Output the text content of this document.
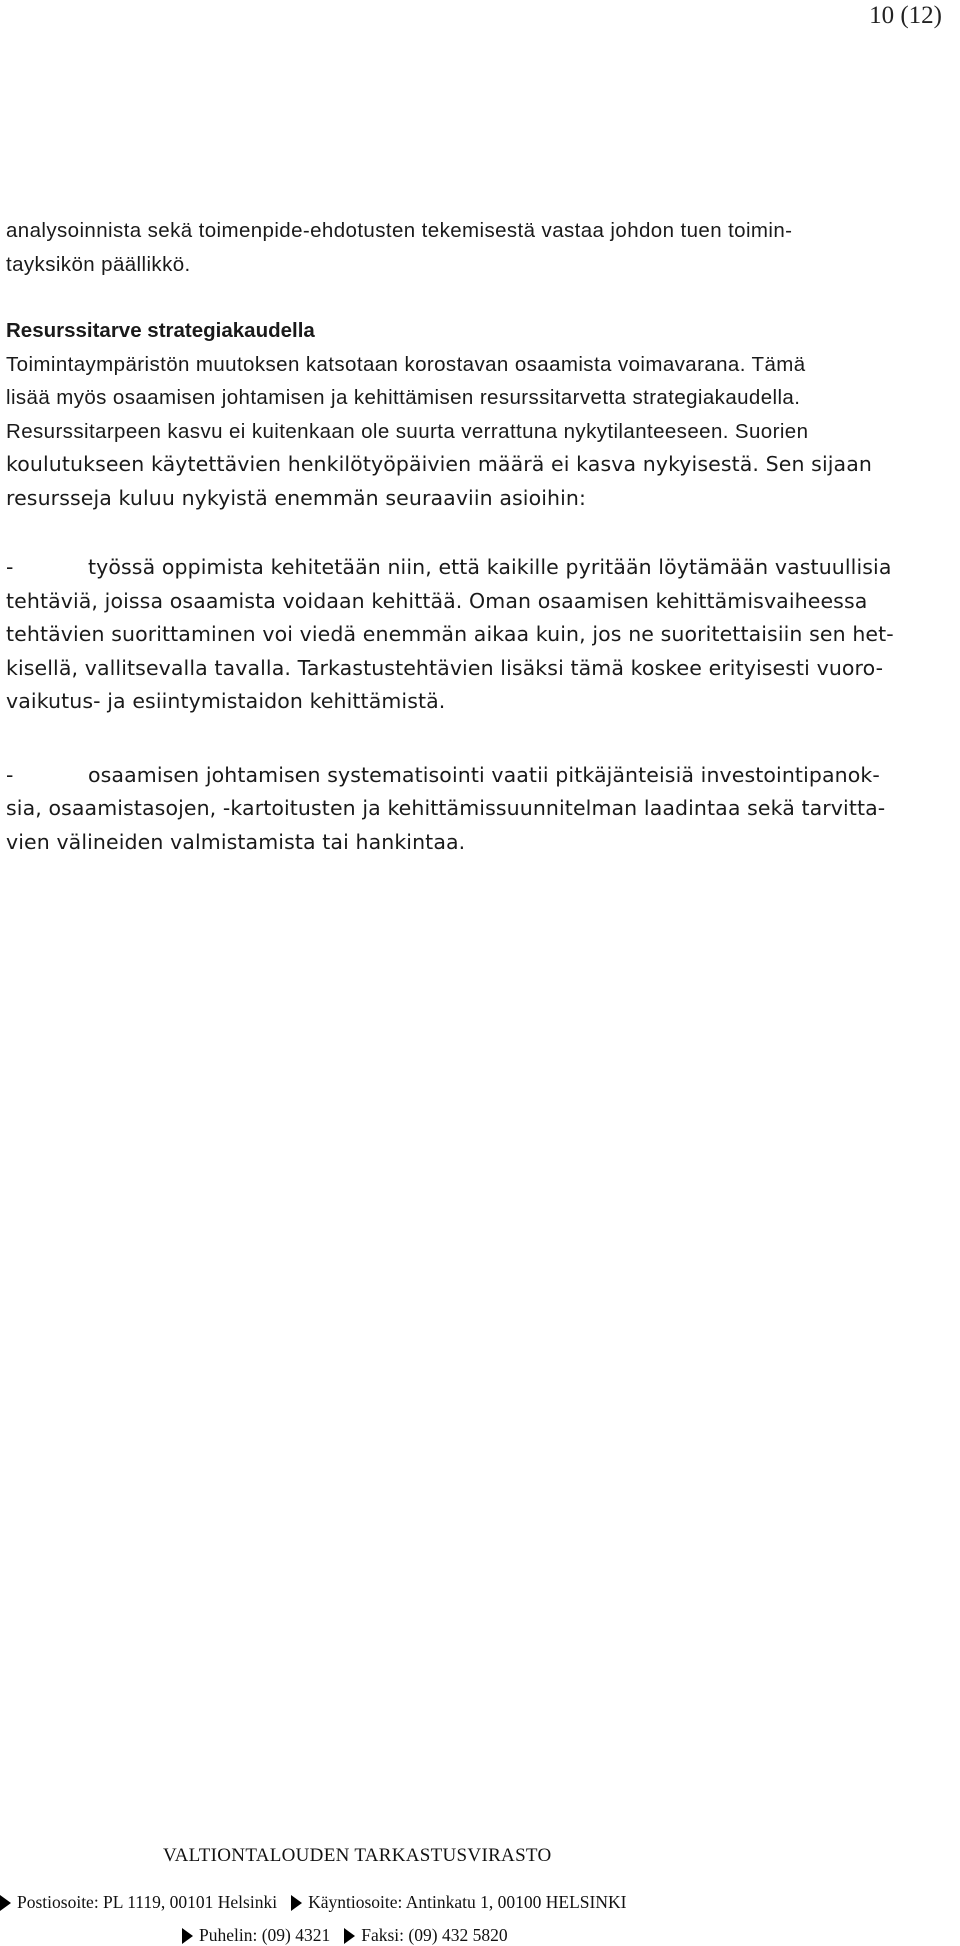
10 (12)
analysoinnista sekä toimenpide-ehdotusten tekemisestä vastaa johdon tuen toimin-
tayksikön päällikkö.
Resurssitarve strategiakaudella
Toimintaympäristön muutoksen katsotaan korostavan osaamista voimavarana. Tämä
lisää myös osaamisen johtamisen ja kehittämisen resurssitarvetta strategiakaudella.
Resurssitarpeen kasvu ei kuitenkaan ole suurta verrattuna nykytilanteeseen. Suorien
koulutukseen käytettävien henkilötyöpäivien määrä ei kasva nykyisestä. Sen sijaan
resursseja kuluu nykyistä enemmän seuraaviin asioihin:
-	työssä oppimista kehitetään niin, että kaikille pyritään löytämään vastuullisia
tehtäviä, joissa osaamista voidaan kehittää. Oman osaamisen kehittämisvaiheessa
tehtävien suorittaminen voi viedä enemmän aikaa kuin, jos ne suoritettaisiin sen het-
kisellä, vallitsevalla tavalla. Tarkastustehtävien lisäksi tämä koskee erityisesti vuoro-
vaikutus- ja esiintymistaidon kehittämistä.
-	osaamisen johtamisen systematisointi vaatii pitkäjänteisiä investointipanok-
sia, osaamistasojen, -kartoitusten ja kehittämissuunnitelman laadintaa sekä tarvitta-
vien välineiden valmistamista tai hankintaa.
VALTIONTALOUDEN TARKASTUSVIRASTO
Postiosoite: PL 1119, 00101 Helsinki Käyntiosoite: Antinkatu 1, 00100 HELSINKI
Puhelin: (09) 4321 Faksi: (09) 432 5820
